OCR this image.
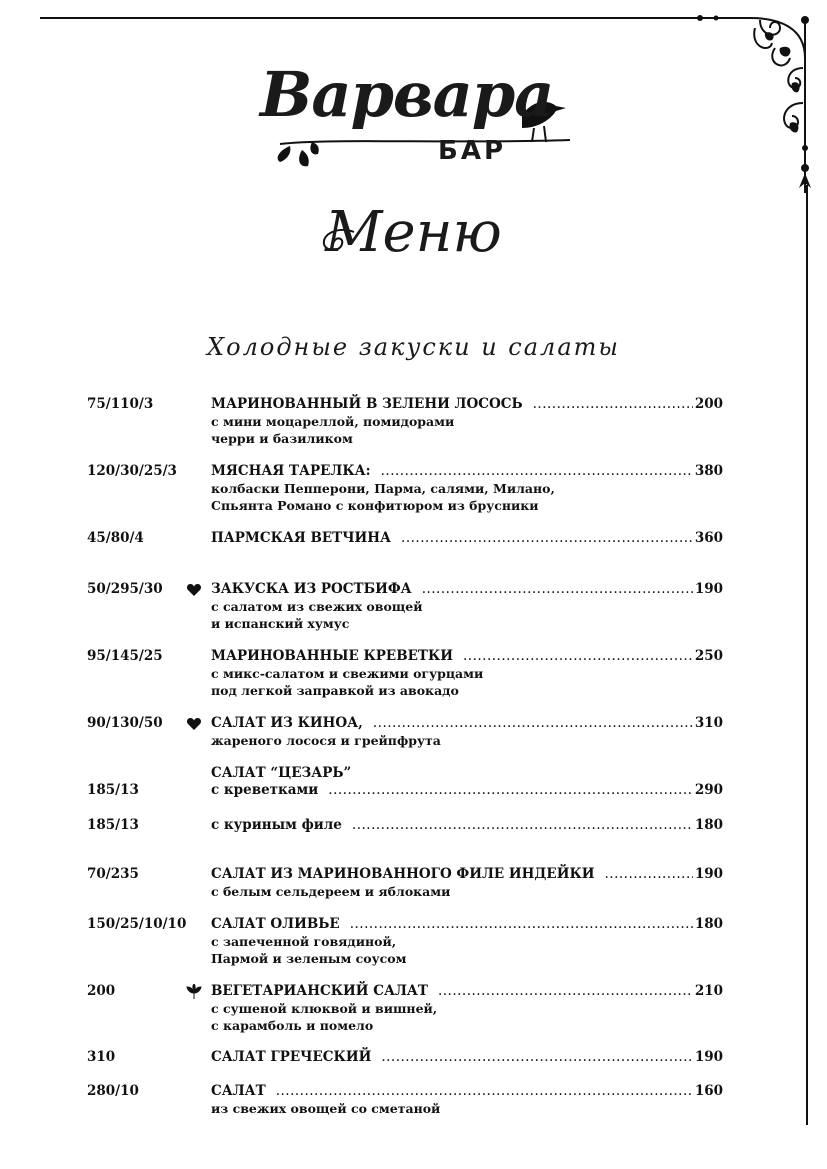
Варвара
БАР
Меню
Холодные закуски и салаты
75/110/3	МАРИНОВАННЫЙ В ЗЕЛЕНИ ЛОСОСЬ .....	200
с мини моцареллой, помидорами
черри и базиликом
120/30/25/3	МЯСНАЯ ТАРЕЛКА: .....	380
колбаски Пепперони, Парма, салями, Милано,
Спьянта Романо с конфитюром из брусники
45/80/4	ПАРМСКАЯ ВЕТЧИНА .....	360
50/295/30	ЗАКУСКА ИЗ РОСТБИФА .....	190
с салатом из свежих овощей
и испанский хумус
95/145/25	МАРИНОВАННЫЕ КРЕВЕТКИ .....	250
с микс-салатом и свежими огурцами
под легкой заправкой из авокадо
90/130/50	САЛАТ ИЗ КИНОА, .....	310
жареного лосося и грейпфрута
САЛАТ “ЦЕЗАРЬ”
185/13	с креветками .....	290
185/13	с куриным филе .....	180
70/235	САЛАТ ИЗ МАРИНОВАННОГО ФИЛЕ ИНДЕЙКИ .....	190
с белым сельдереем и яблоками
150/25/10/10 САЛАТ ОЛИВЬЕ .....	180
с запеченной говядиной,
Пармой и зеленым соусом
200	ВЕГЕТАРИАНСКИЙ САЛАТ .....	210
с сушеной клюквой и вишней,
с карамболь и помело
310	САЛАТ ГРЕЧЕСКИЙ .....	190
280/10	САЛАТ .....	160
из свежих овощей со сметаной
